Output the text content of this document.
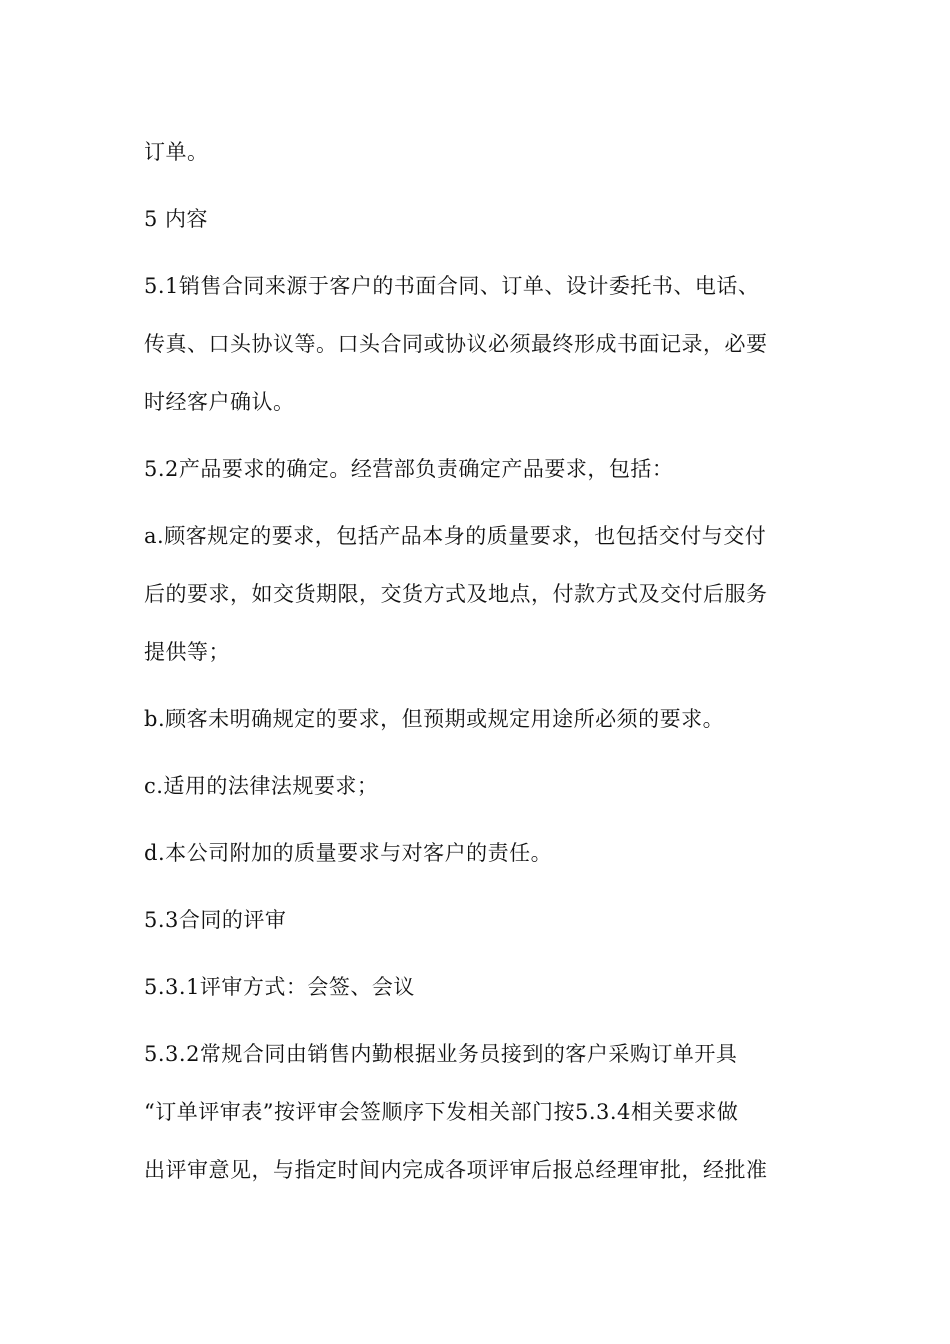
订单。
5 内容
5.1销售合同来源于客户的书面合同、订单、设计委托书、电话、
传真、口头协议等。口头合同或协议必须最终形成书面记录，必要
时经客户确认。
5.2产品要求的确定。经营部负责确定产品要求，包括：
a.顾客规定的要求，包括产品本身的质量要求，也包括交付与交付
后的要求，如交货期限，交货方式及地点，付款方式及交付后服务
提供等；
b.顾客未明确规定的要求，但预期或规定用途所必须的要求。
c.适用的法律法规要求；
d.本公司附加的质量要求与对客户的责任。
5.3合同的评审
5.3.1评审方式：会签、会议
5.3.2常规合同由销售内勤根据业务员接到的客户采购订单开具
“订单评审表”按评审会签顺序下发相关部门按5.3.4相关要求做
出评审意见，与指定时间内完成各项评审后报总经理审批，经批准
